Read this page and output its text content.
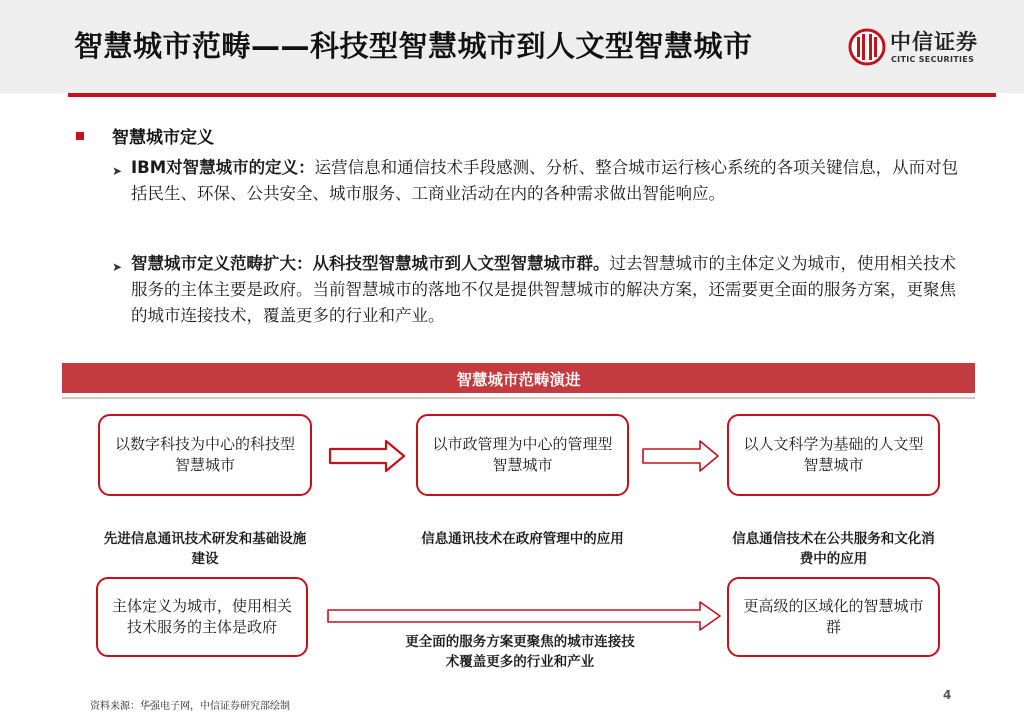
智慧城市范畴——科技型智慧城市到人文型智慧城市	中信证券
CITIC SECURITIES
智慧城市定义
➤ IBM对智慧城市的定义：运营信息和通信技术手段感测、分析、整合城市运行核心系统的各项关键信息，从而对包括民生、环保、公共安全、城市服务、工商业活动在内的各种需求做出智能响应。
➤ 智慧城市定义范畴扩大：从科技型智慧城市到人文型智慧城市群。过去智慧城市的主体定义为城市，使用相关技术服务的主体主要是政府。当前智慧城市的落地不仅是提供智慧城市的解决方案，还需要更全面的服务方案，更聚焦的城市连接技术，覆盖更多的行业和产业。
智慧城市范畴演进
以数字科技为中心的科技型智慧城市
以市政管理为中心的管理型智慧城市
以人文科学为基础的人文型智慧城市
先进信息通讯技术研发和基础设施建设
信息通讯技术在政府管理中的应用	信息通信技术在公共服务和文化消费中的应用
主体定义为城市，使用相关技术服务的主体是政府
更高级的区域化的智慧城市群
更全面的服务方案更聚焦的城市连接技术覆盖更多的行业和产业
资料来源：华强电子网，中信证券研究部绘制
4
